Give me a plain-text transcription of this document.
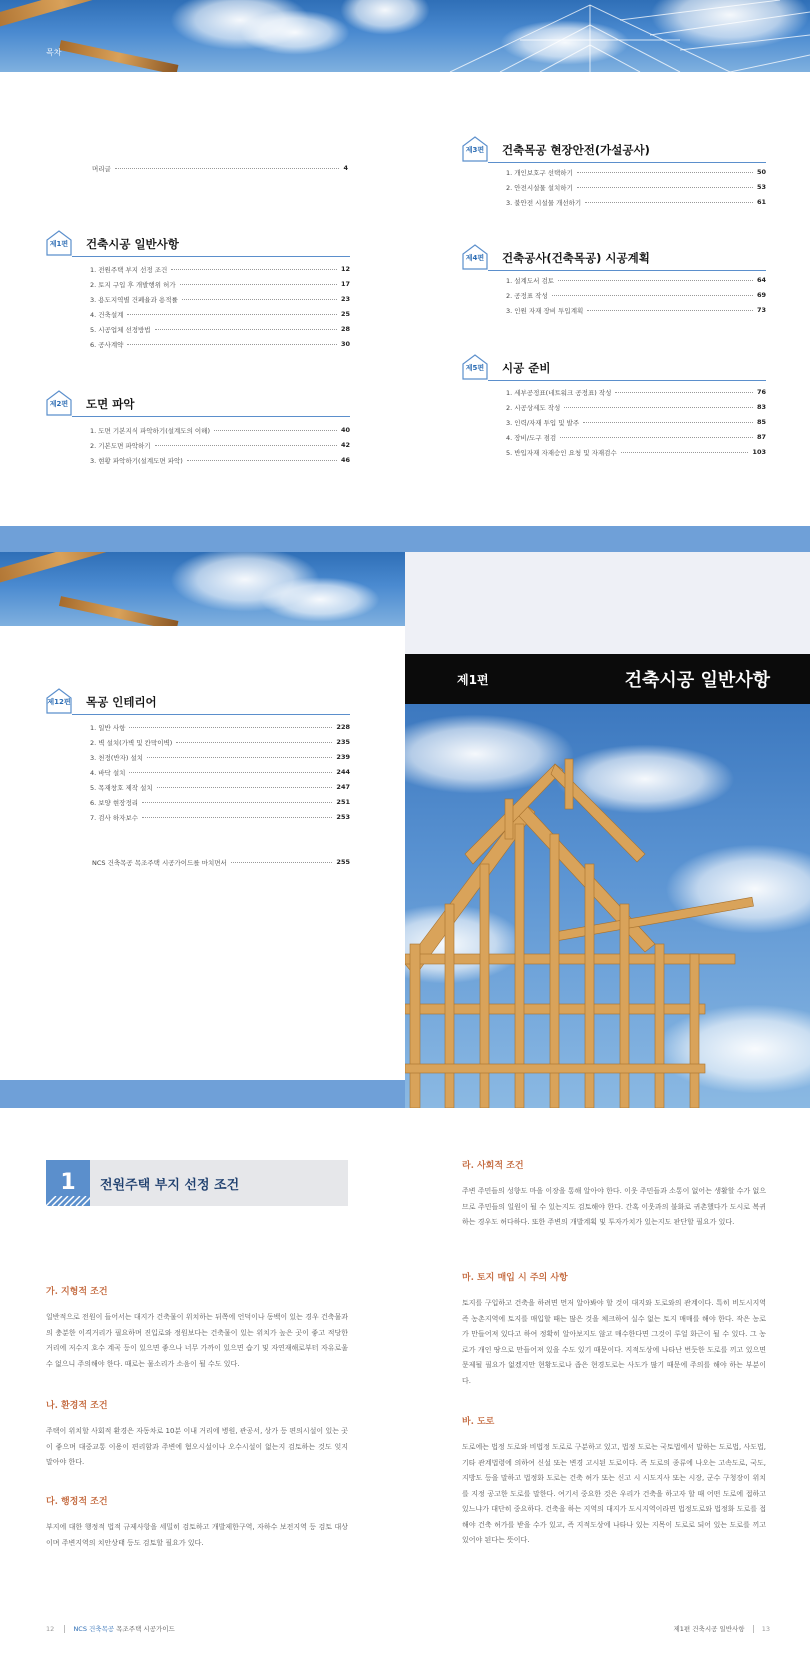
목차
머리글	4
제1편	건축시공 일반사항
1. 전원주택 부지 선정 조건	12
2. 토지 구입 후 개발행위 허가	17
3. 용도지역별 건폐율과 용적률	23
4. 건축설계	25
5. 시공업체 선정방법	28
6. 공사계약	30
제2편	도면 파악
1. 도면 기본지식 파악하기(설계도의 이해)	40
2. 기본도면 파악하기	42
3. 현황 파악하기(설계도면 파악)	46
제3편	건축목공 현장안전(가설공사)
1. 개인보호구 선택하기	50
2. 안전시설물 설치하기	53
3. 불안전 시설물 개선하기	61
제4편	건축공사(건축목공) 시공계획
1. 설계도서 검토	64
2. 공정표 작성	69
3. 인원 자재 장비 투입계획	73
제5편	시공 준비
1. 세부공정표(네트워크 공정표) 작성	76
2. 시공상세도 작성	83
3. 인력/자재 투입 및 발주	85
4. 장비/도구 점검	87
5. 반입자재 자재승인 요청 및 자재검수	103
제12편 목공 인테리어
1. 일반 사항	228
2. 벽 설치(가벽 및 칸막이벽)	235
3. 천정(반자) 설치	239
4. 바닥 설치	244
5. 목재창호 제작 설치	247
6. 보양 현장정리	251
7. 검사 하자보수	253
NCS 건축목공 목조주택 시공가이드를 마치면서	255
제1편	건축시공 일반사항
1	전원주택 부지 선정 조건
가. 지형적 조건
일반적으로 전원이 들어서는 대지가 건축물이 위치하는 뒤쪽에 언덕이나 동백이 있는 경우 건축물과의 충분한 이격거리가 필요하며 진입로와 정원보다는 건축물이 있는 위치가 높은 곳이 좋고 적당한 거리에 저수지 호수 계곡 등이 있으면 좋으나 너무 가까이 있으면 습기 및 자연재해로부터 자유로울 수 없으니 주의해야 한다. 때로는 물소리가 소음이 될 수도 있다.
나. 환경적 조건
주택이 위치할 사회적 환경은 자동차로 10분 이내 거리에 병원, 관공서, 상가 등 편의시설이 있는 곳이 좋으며 대중교통 이용이 편리함과 주변에 혐오시설이나 오수시설이 없는지 검토하는 것도 잊지 말아야 한다.
다. 행정적 조건
부지에 대한 행정적 법적 규제사항을 세밀히 검토하고 개발제한구역, 자하수 보전지역 등 검토 대상이며 주변지역의 치안상태 등도 검토할 필요가 있다.
라. 사회적 조건
주변 주민들의 성향도 마을 이장을 통해 알아야 한다. 이웃 주민들과 소통이 없어는 생활할 수가 없으므로 주민들의 일원이 될 수 있는지도 검토해야 한다. 간혹 이웃과의 불화로 귀촌했다가 도시로 복귀하는 경우도 허다하다. 또한 주변의 개발계획 및 투자가치가 있는지도 판단할 필요가 있다.
마. 토지 매입 시 주의 사항
토지를 구입하고 건축을 하려면 먼저 알아봐야 할 것이 대지와 도로와의 관계이다. 특히 비도시지역 즉 농촌지역에 토지를 매입할 때는 많은 것을 체크하여 실수 없는 토지 매매를 해야 한다. 작은 농로가 만들어져 있다고 하여 정확히 알아보지도 않고 매수한다면 그것이 루얼 화근이 될 수 있다. 그 농로가 개인 땅으로 만들어져 있을 수도 있기 때문이다. 지적도상에 나타난 번듯한 도로를 끼고 있으면 문제될 필요가 없겠지만 현황도로나 좁은 현경도로는 사도가 많기 때문에 주의를 해야 하는 부분이다.
바. 도로
도로에는 법정 도로와 비법정 도로로 구분하고 있고, 법정 도로는 국토법에서 말하는 도로법, 사도법, 기타 관계법령에 의하여 신설 또는 변경 고시된 도로이다. 즉 도로의 종류에 나오는 고속도로, 국도, 지방도 등을 말하고 법정화 도로는 건축 허가 또는 신고 시 시도지사 또는 시장, 군수 구청장이 위치를 지정 공고한 도로를 말한다. 여기서 중요한 것은 우리가 건축을 하고자 할 때 어떤 도로에 접하고 있느냐가 대단히 중요하다. 건축을 하는 지역의 대지가 도시지역이라면 법정도로와 법정화 도로를 접해야 건축 허가를 받을 수가 있고, 즉 지적도상에 나타나 있는 지목이 도로로 되어 있는 도로를 끼고 있어야 된다는 뜻이다.
12	NCS 건축목공 목조주택 시공가이드	제1편 건축시공 일반사항	13
